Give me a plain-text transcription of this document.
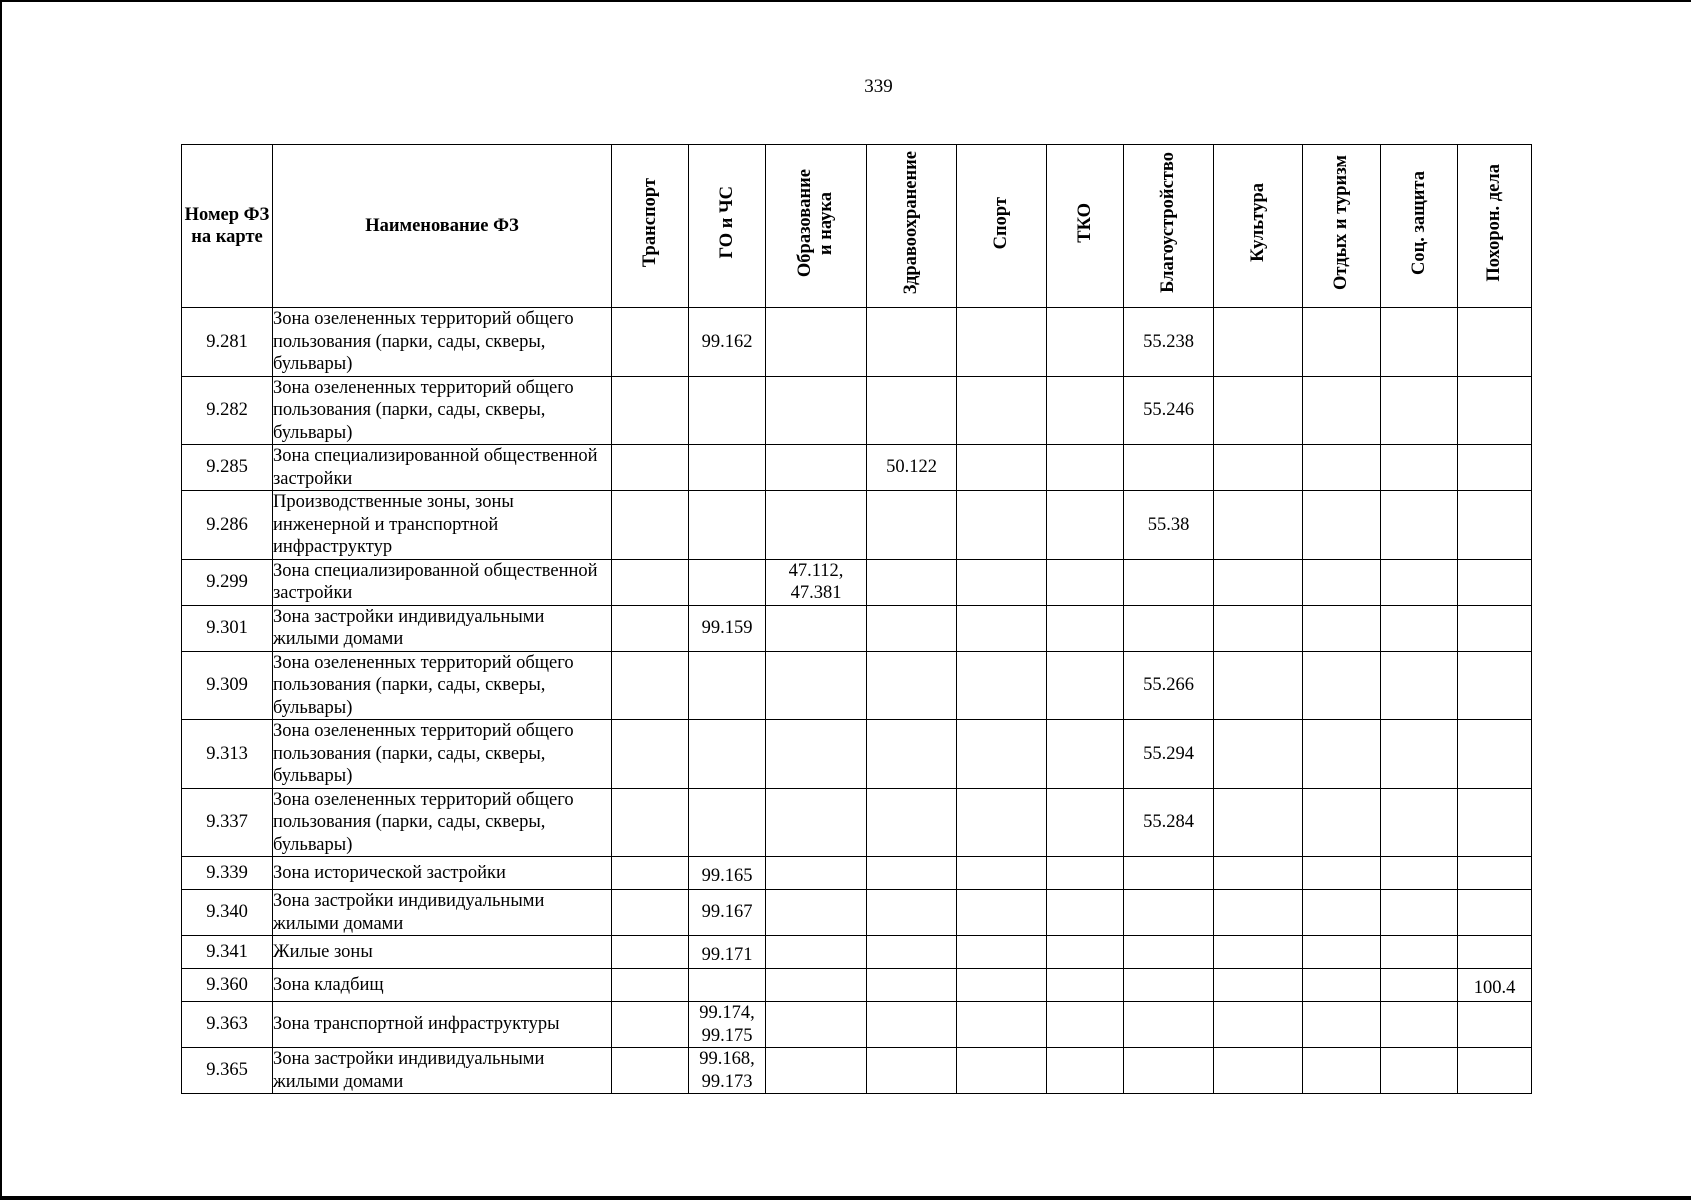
339
Номер ФЗ на карте	Наименование ФЗ	Транспорт	ГО и ЧС	Образование
и наука	Здравоохранение	Спорт	ТКО	Благоустройство	Культура	Отдых и туризм	Соц. защита	Похорон. дела
9.281	Зона озелененных территорий общего пользования (парки, сады, скверы, бульвары)		99.162					55.238				
9.282	Зона озелененных территорий общего пользования (парки, сады, скверы, бульвары)							55.246				
9.285	Зона специализированной общественной застройки				50.122							
9.286	Производственные зоны, зоны инженерной и транспортной инфраструктур							55.38				
9.299	Зона специализированной общественной застройки			47.112,
47.381								
9.301	Зона застройки индивидуальными жилыми домами		99.159									
9.309	Зона озелененных территорий общего пользования (парки, сады, скверы, бульвары)							55.266				
9.313	Зона озелененных территорий общего пользования (парки, сады, скверы, бульвары)							55.294				
9.337	Зона озелененных территорий общего пользования (парки, сады, скверы, бульвары)							55.284				
9.339	Зона исторической застройки		99.165									
9.340	Зона застройки индивидуальными жилыми домами		99.167									
9.341	Жилые зоны		99.171									
9.360	Зона кладбищ											100.4
9.363	Зона транспортной инфраструктуры		99.174,
99.175									
9.365	Зона застройки индивидуальными жилыми домами		99.168,
99.173									
